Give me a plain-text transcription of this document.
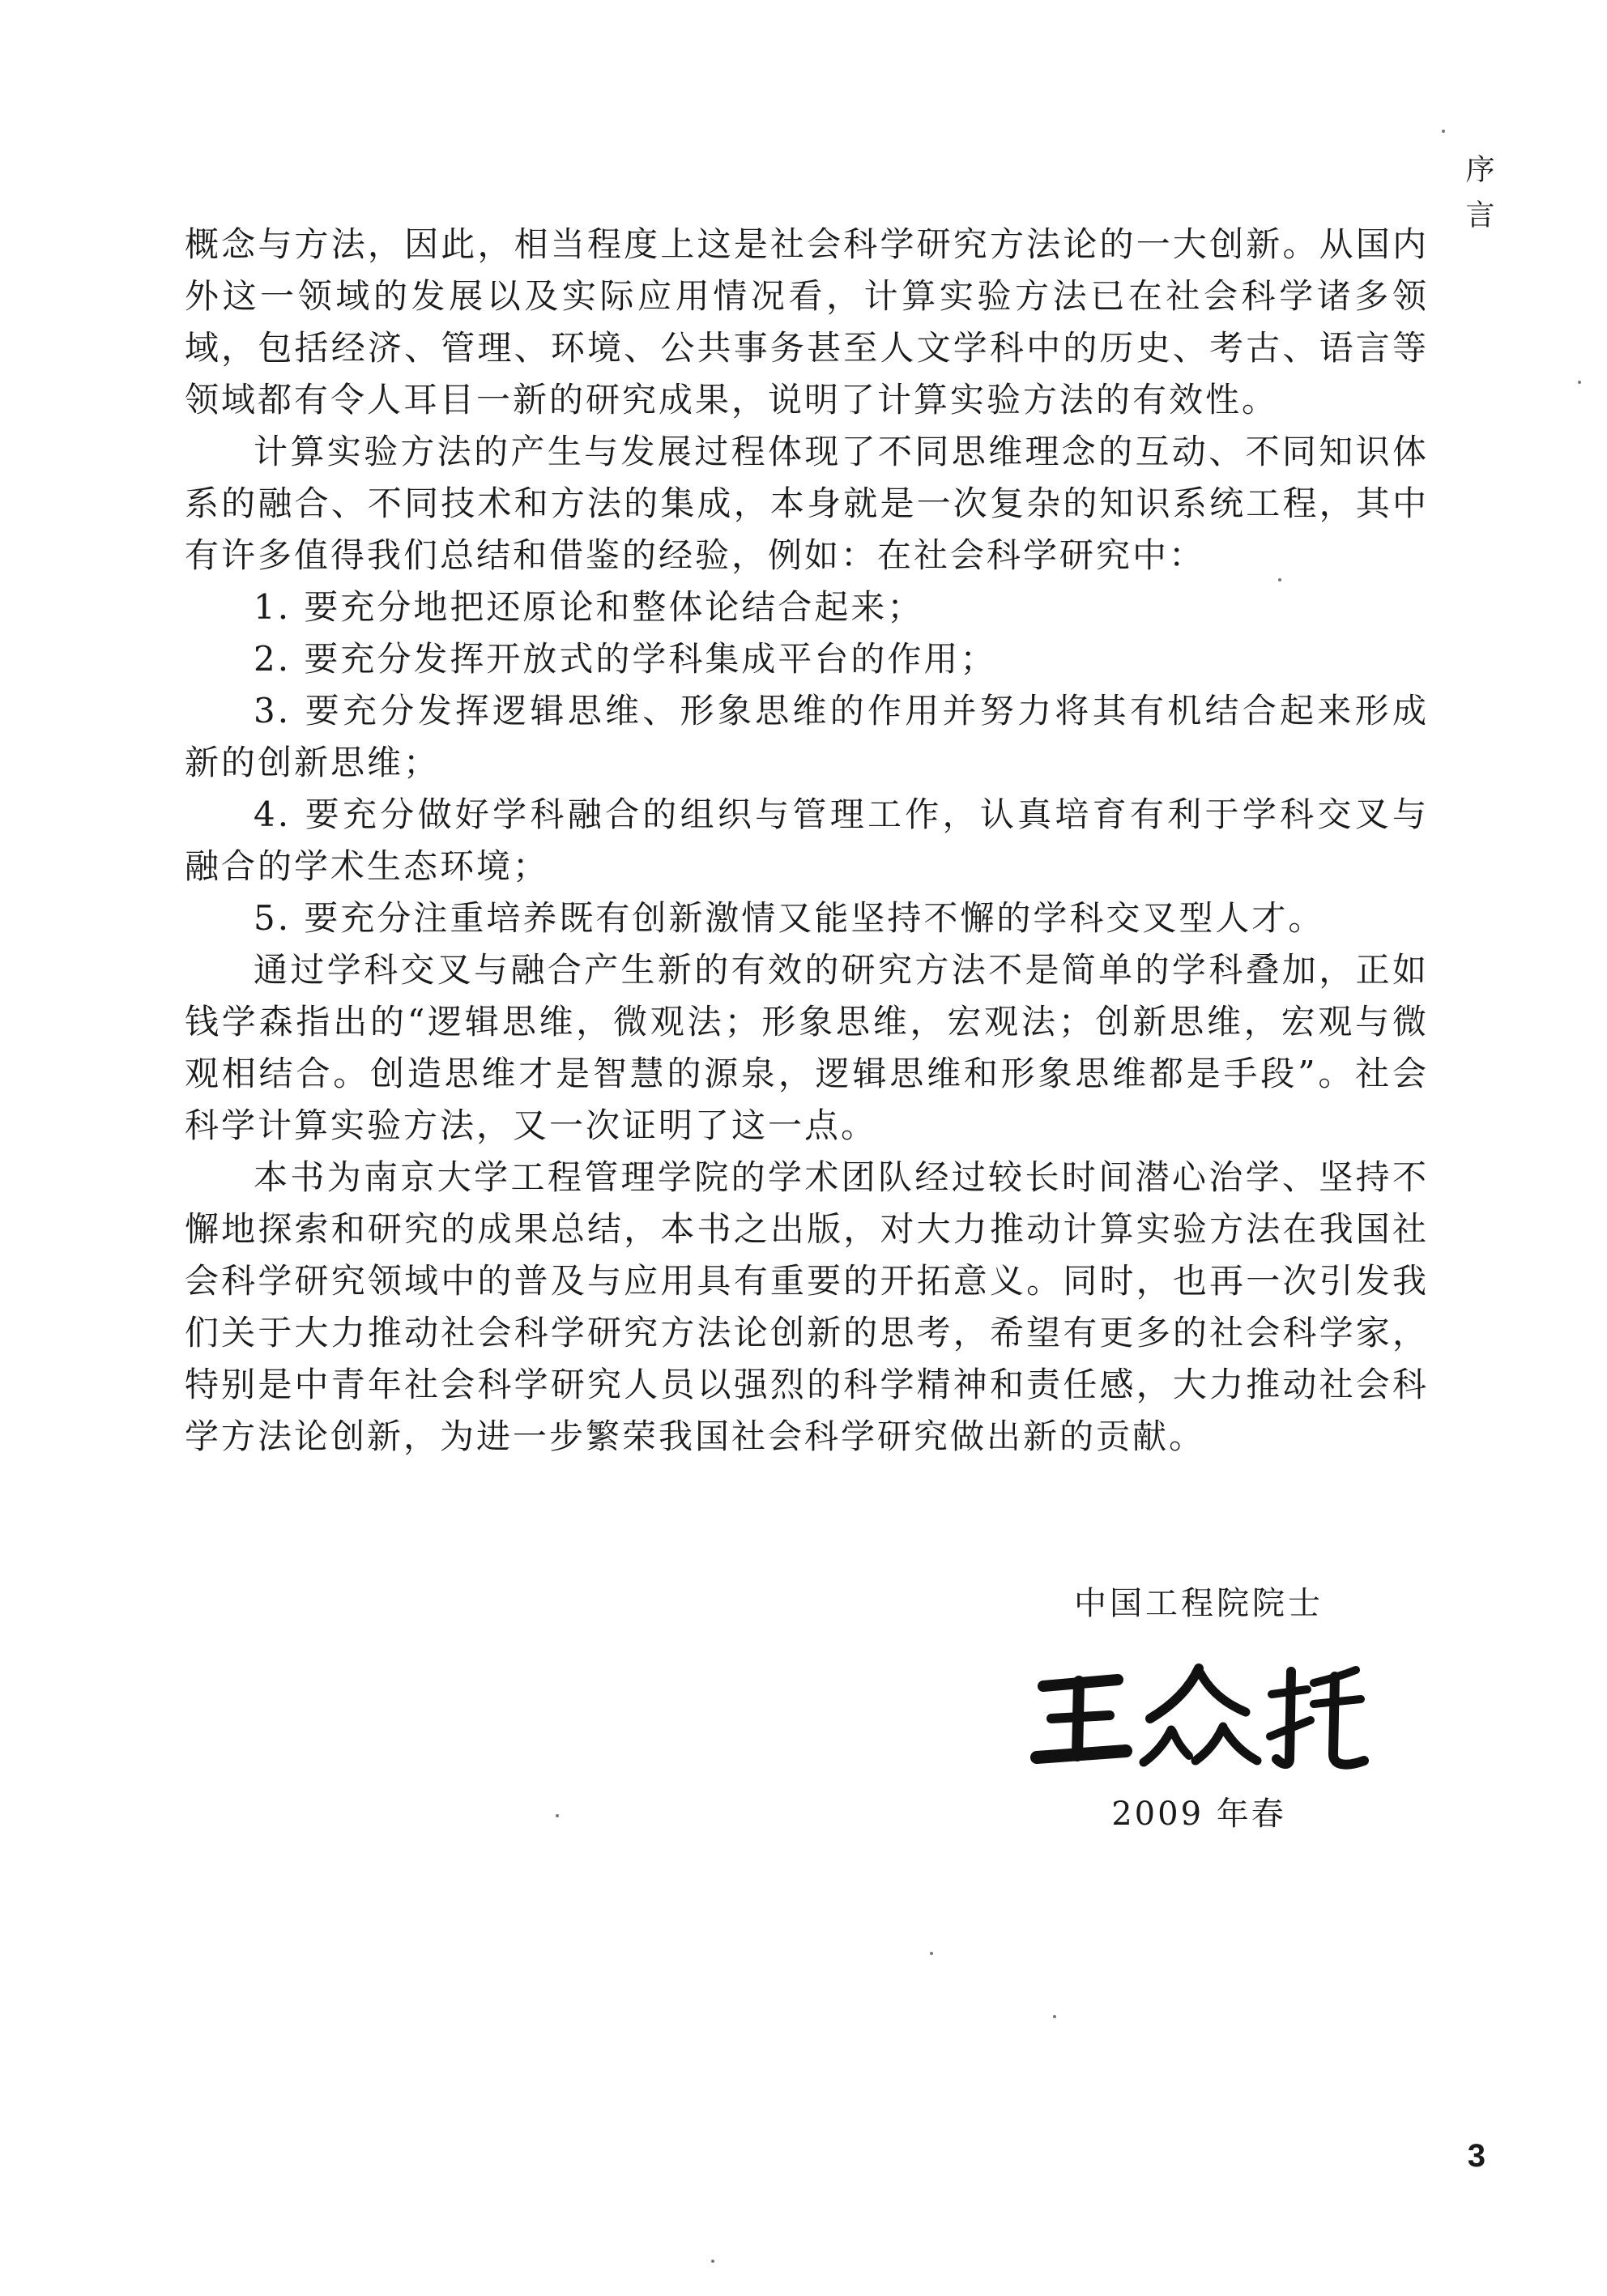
序言

概念与方法，因此，相当程度上这是社会科学研究方法论的一大创新。从国内外这一领域的发展以及实际应用情况看，计算实验方法已在社会科学诸多领域，包括经济、管理、环境、公共事务甚至人文学科中的历史、考古、语言等领域都有令人耳目一新的研究成果，说明了计算实验方法的有效性。

计算实验方法的产生与发展过程体现了不同思维理念的互动、不同知识体系的融合、不同技术和方法的集成，本身就是一次复杂的知识系统工程，其中有许多值得我们总结和借鉴的经验，例如：在社会科学研究中：

1. 要充分地把还原论和整体论结合起来；

2. 要充分发挥开放式的学科集成平台的作用；

3. 要充分发挥逻辑思维、形象思维的作用并努力将其有机结合起来形成新的创新思维；

4. 要充分做好学科融合的组织与管理工作，认真培育有利于学科交叉与融合的学术生态环境；

5. 要充分注重培养既有创新激情又能坚持不懈的学科交叉型人才。

通过学科交叉与融合产生新的有效的研究方法不是简单的学科叠加，正如钱学森指出的“逻辑思维，微观法；形象思维，宏观法；创新思维，宏观与微观相结合。创造思维才是智慧的源泉，逻辑思维和形象思维都是手段”。社会科学计算实验方法，又一次证明了这一点。

本书为南京大学工程管理学院的学术团队经过较长时间潜心治学、坚持不懈地探索和研究的成果总结，本书之出版，对大力推动计算实验方法在我国社会科学研究领域中的普及与应用具有重要的开拓意义。同时，也再一次引发我们关于大力推动社会科学研究方法论创新的思考，希望有更多的社会科学家，特别是中青年社会科学研究人员以强烈的科学精神和责任感，大力推动社会科学方法论创新，为进一步繁荣我国社会科学研究做出新的贡献。

中国工程院院士
2009 年春
3
